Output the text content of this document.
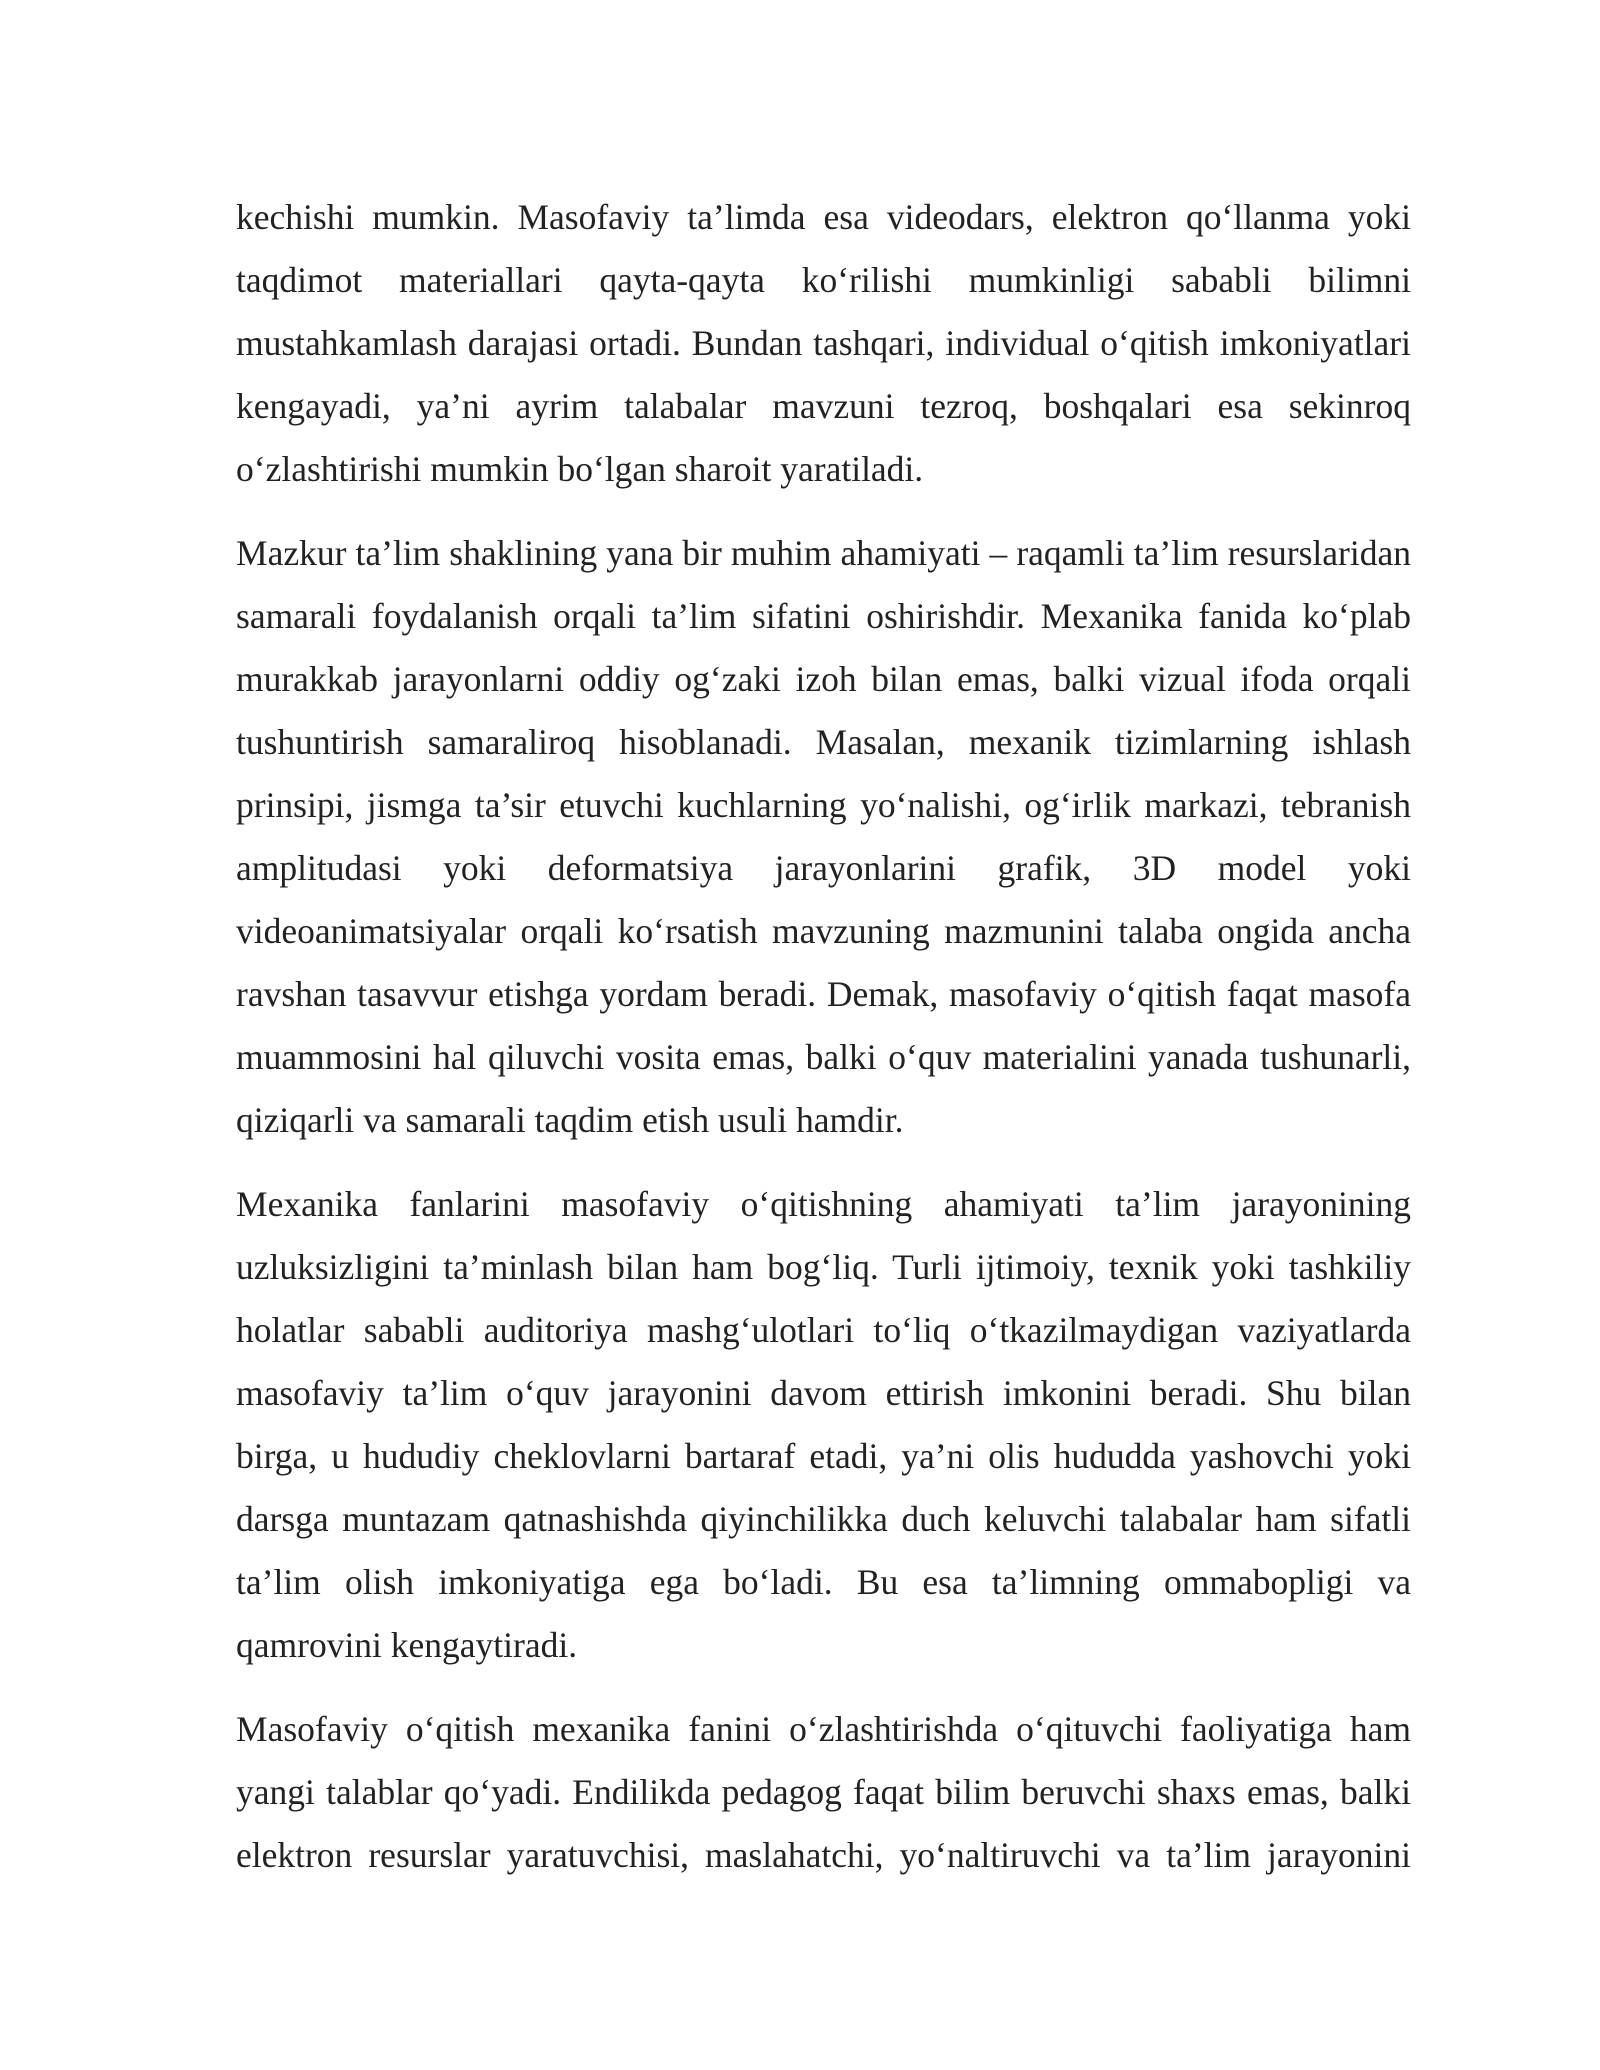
kechishi mumkin. Masofaviy ta’limda esa videodars, elektron qo‘llanma yoki taqdimot materiallari qayta-qayta ko‘rilishi mumkinligi sababli bilimni mustahkamlash darajasi ortadi. Bundan tashqari, individual o‘qitish imkoniyatlari kengayadi, ya’ni ayrim talabalar mavzuni tezroq, boshqalari esa sekinroq o‘zlashtirishi mumkin bo‘lgan sharoit yaratiladi.

Mazkur ta’lim shaklining yana bir muhim ahamiyati – raqamli ta’lim resurslaridan samarali foydalanish orqali ta’lim sifatini oshirishdir. Mexanika fanida ko‘plab murakkab jarayonlarni oddiy og‘zaki izoh bilan emas, balki vizual ifoda orqali tushuntirish samaraliroq hisoblanadi. Masalan, mexanik tizimlarning ishlash prinsipi, jismga ta’sir etuvchi kuchlarning yo‘nalishi, og‘irlik markazi, tebranish amplitudasi yoki deformatsiya jarayonlarini grafik, 3D model yoki videoanimatsiyalar orqali ko‘rsatish mavzuning mazmunini talaba ongida ancha ravshan tasavvur etishga yordam beradi. Demak, masofaviy o‘qitish faqat masofa muammosini hal qiluvchi vosita emas, balki o‘quv materialini yanada tushunarli, qiziqarli va samarali taqdim etish usuli hamdir.

Mexanika fanlarini masofaviy o‘qitishning ahamiyati ta’lim jarayonining uzluksizligini ta’minlash bilan ham bog‘liq. Turli ijtimoiy, texnik yoki tashkiliy holatlar sababli auditoriya mashg‘ulotlari to‘liq o‘tkazilmaydigan vaziyatlarda masofaviy ta’lim o‘quv jarayonini davom ettirish imkonini beradi. Shu bilan birga, u hududiy cheklovlarni bartaraf etadi, ya’ni olis hududda yashovchi yoki darsga muntazam qatnashishda qiyinchilikka duch keluvchi talabalar ham sifatli ta’lim olish imkoniyatiga ega bo‘ladi. Bu esa ta’limning ommabopligi va qamrovini kengaytiradi.

Masofaviy o‘qitish mexanika fanini o‘zlashtirishda o‘qituvchi faoliyatiga ham yangi talablar qo‘yadi. Endilikda pedagog faqat bilim beruvchi shaxs emas, balki elektron resurslar yaratuvchisi, maslahatchi, yo‘naltiruvchi va ta’lim jarayonini
